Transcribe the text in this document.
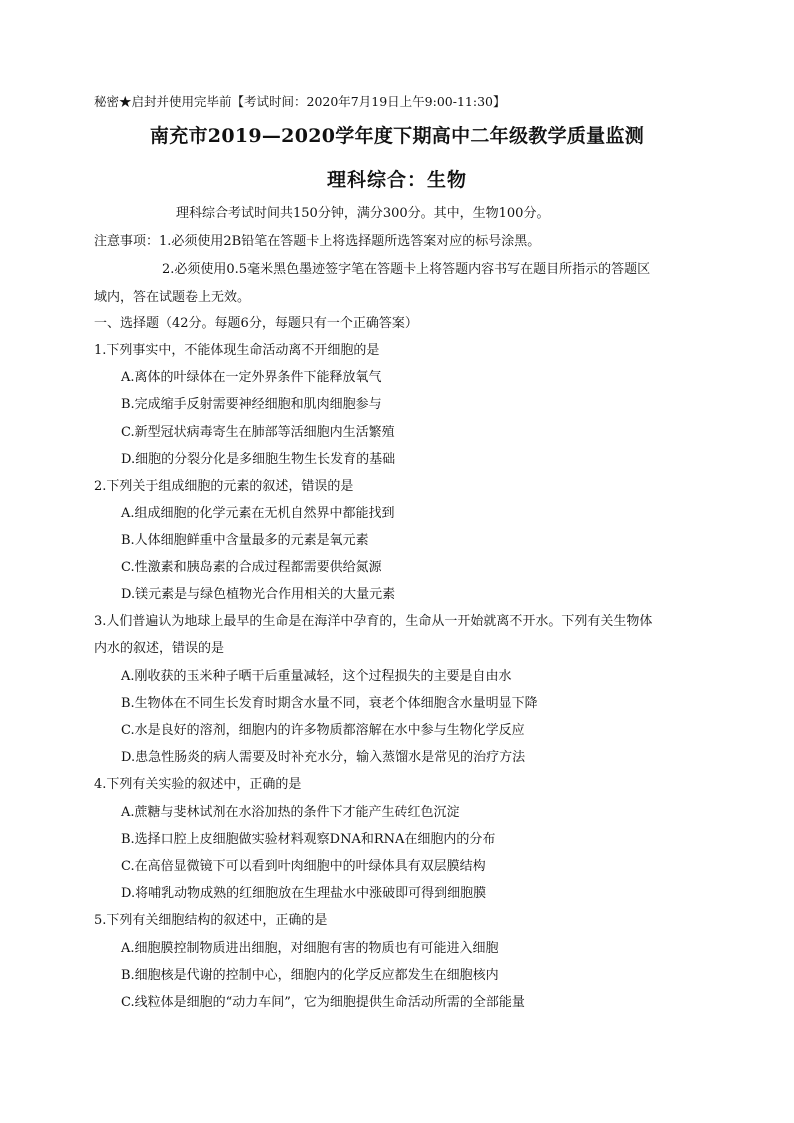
秘密★启封并使用完毕前【考试时间：2020年7月19日上午9:00-11:30】
南充市2019—2020学年度下期高中二年级教学质量监测
理科综合：生物
理科综合考试时间共150分钟，满分300分。其中，生物100分。
注意事项：1.必须使用2B铅笔在答题卡上将选择题所选答案对应的标号涂黑。
2.必须使用0.5毫米黑色墨迹签字笔在答题卡上将答题内容书写在题目所指示的答题区
域内，答在试题卷上无效。
一、选择题（42分。每题6分，每题只有一个正确答案）
1.下列事实中，不能体现生命活动离不开细胞的是
A.离体的叶绿体在一定外界条件下能释放氧气
B.完成缩手反射需要神经细胞和肌肉细胞参与
C.新型冠状病毒寄生在肺部等活细胞内生活繁殖
D.细胞的分裂分化是多细胞生物生长发育的基础
2.下列关于组成细胞的元素的叙述，错误的是
A.组成细胞的化学元素在无机自然界中都能找到
B.人体细胞鲜重中含量最多的元素是氧元素
C.性激素和胰岛素的合成过程都需要供给氮源
D.镁元素是与绿色植物光合作用相关的大量元素
3.人们普遍认为地球上最早的生命是在海洋中孕育的，生命从一开始就离不开水。下列有关生物体
内水的叙述，错误的是
A.刚收获的玉米种子晒干后重量减轻，这个过程损失的主要是自由水
B.生物体在不同生长发育时期含水量不同，衰老个体细胞含水量明显下降
C.水是良好的溶剂，细胞内的许多物质都溶解在水中参与生物化学反应
D.患急性肠炎的病人需要及时补充水分，输入蒸馏水是常见的治疗方法
4.下列有关实验的叙述中，正确的是
A.蔗糖与斐林试剂在水浴加热的条件下才能产生砖红色沉淀
B.选择口腔上皮细胞做实验材料观察DNA和RNA在细胞内的分布
C.在高倍显微镜下可以看到叶肉细胞中的叶绿体具有双层膜结构
D.将哺乳动物成熟的红细胞放在生理盐水中涨破即可得到细胞膜
5.下列有关细胞结构的叙述中，正确的是
A.细胞膜控制物质进出细胞，对细胞有害的物质也有可能进入细胞
B.细胞核是代谢的控制中心，细胞内的化学反应都发生在细胞核内
C.线粒体是细胞的“动力车间”，它为细胞提供生命活动所需的全部能量
